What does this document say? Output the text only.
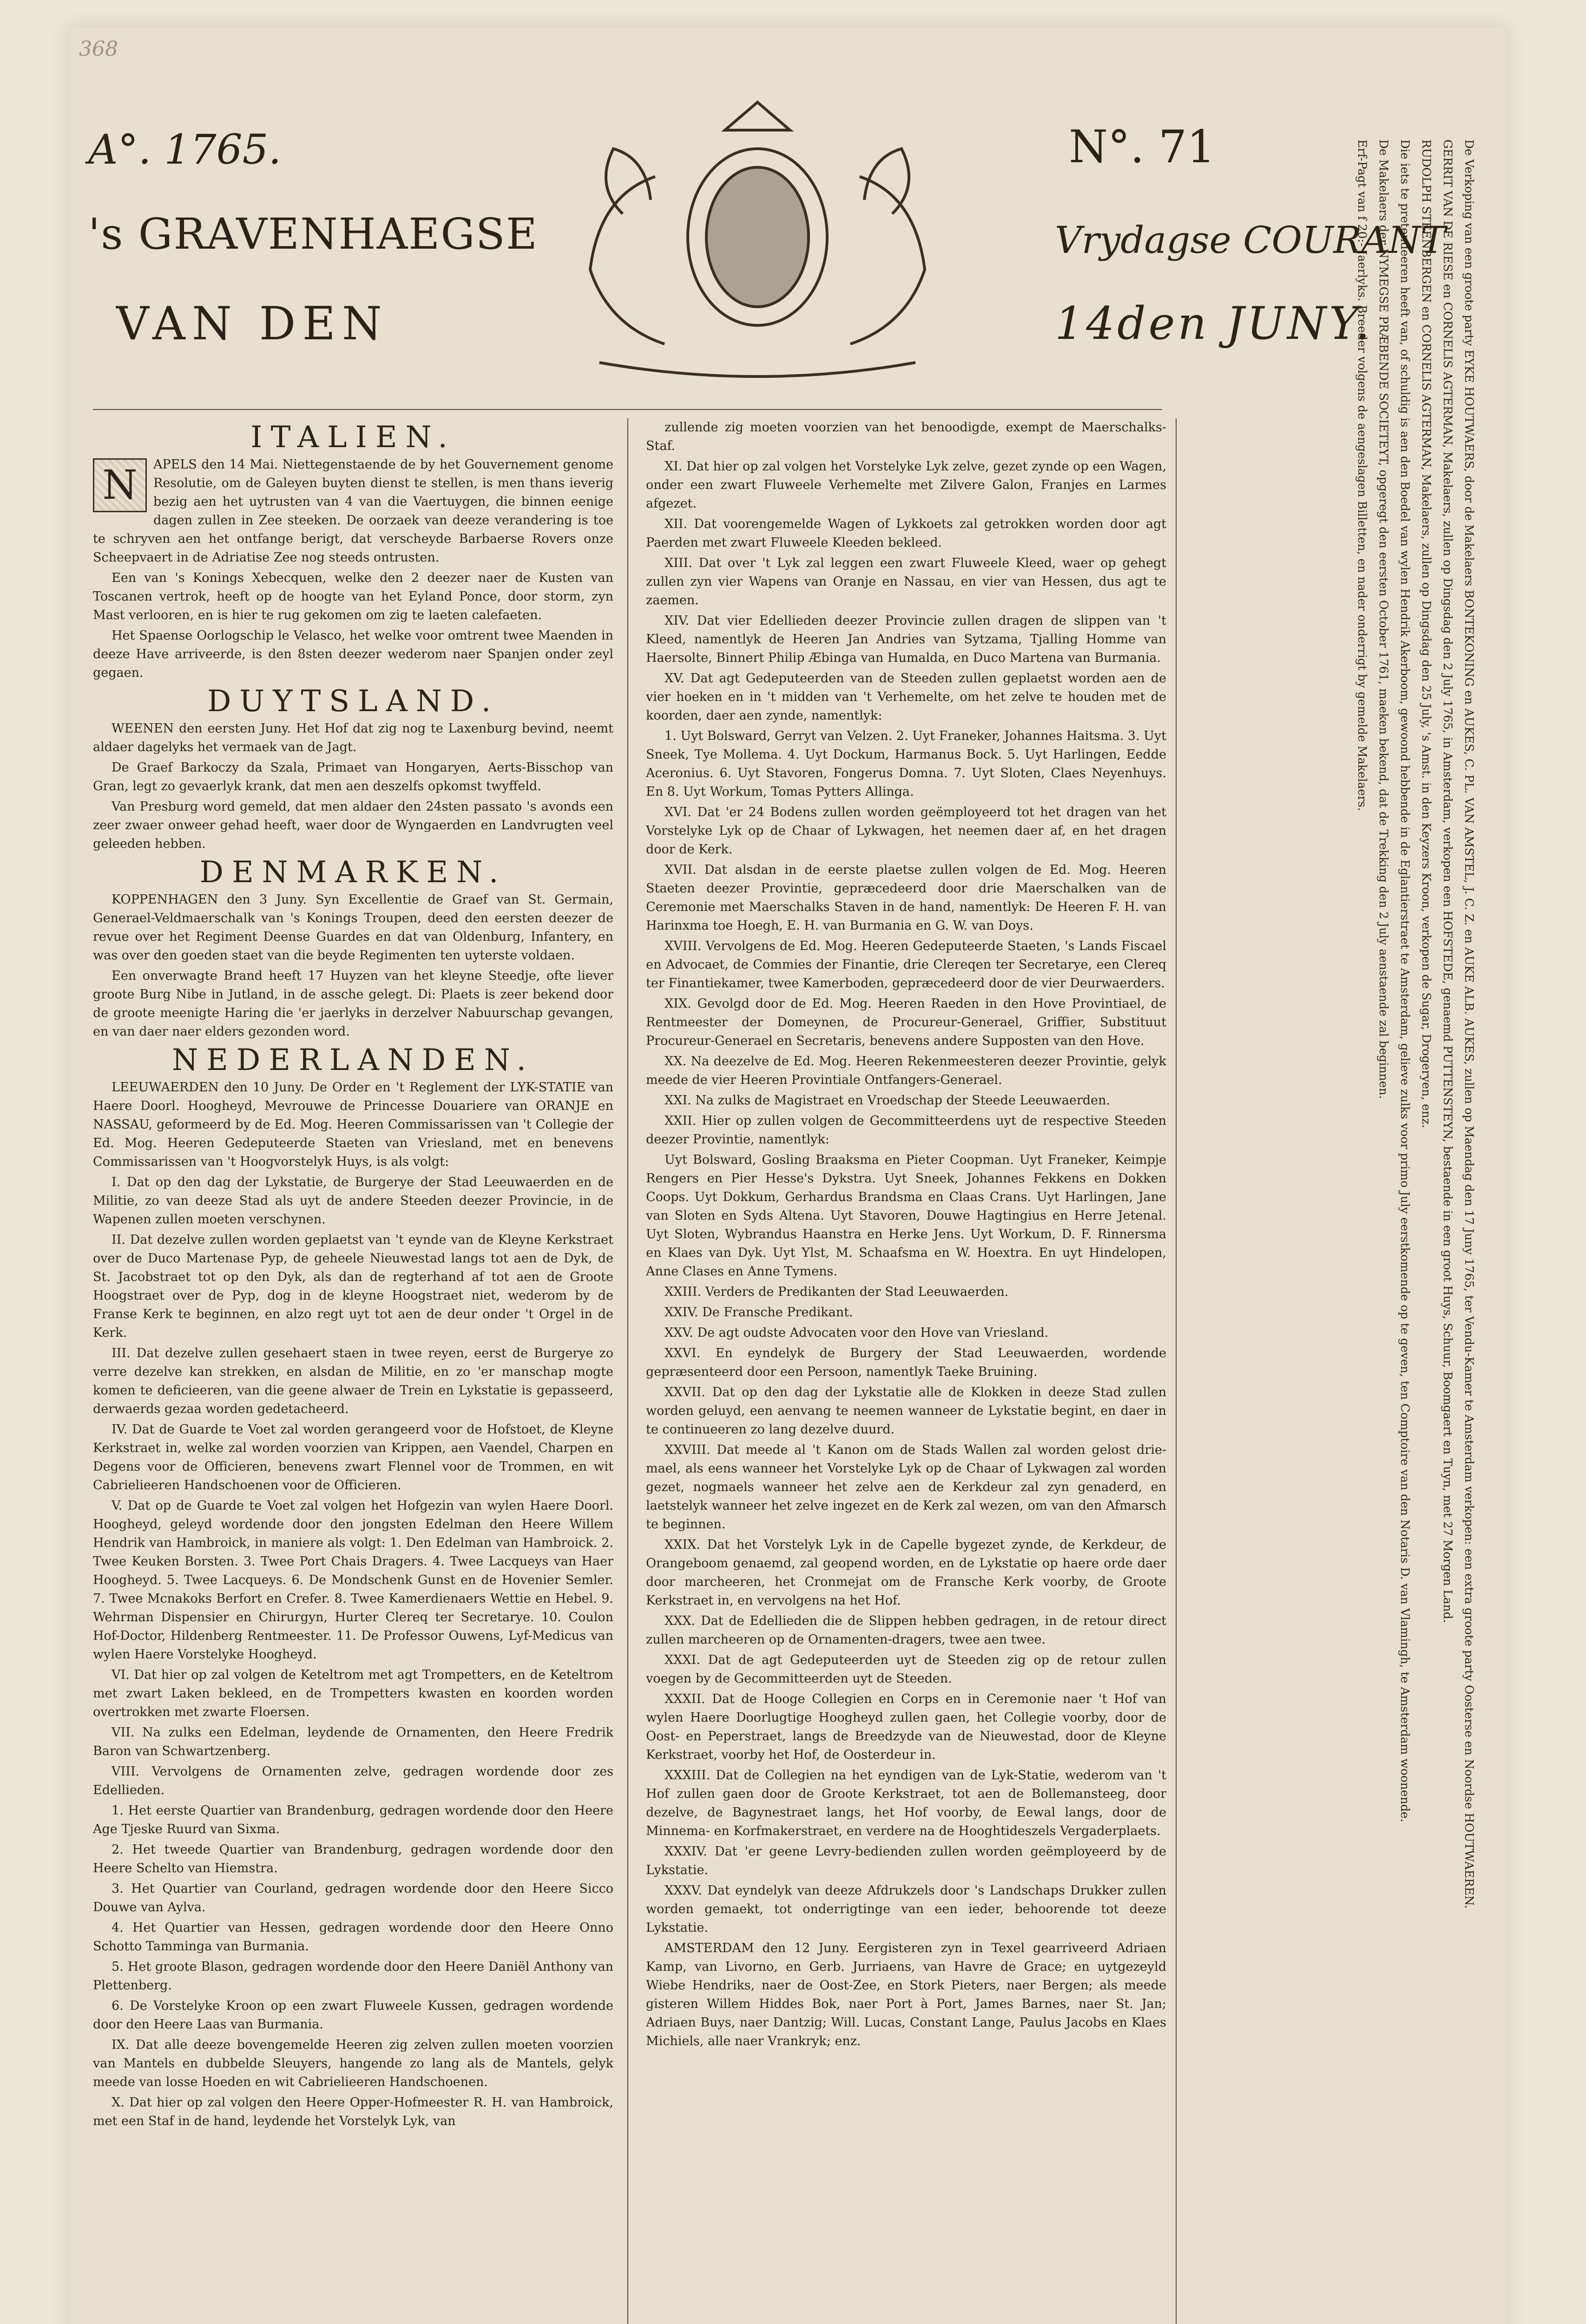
368
A°. 1765.	N°. 71
's GRAVENHAEGSE	Vrydagse COURANT
VAN DEN	14den JUNY.
ITALIEN.

N	APELS den 14 Mai. Niettegenstaende de by het Gouvernement genome Resolutie, om de Galeyen buyten dienst te stellen, is men thans ieverig bezig aen het uytrusten van 4 van die Vaertuygen, die binnen eenige dagen zullen in Zee steeken. De oorzaek van deeze verandering is toe te schryven aen het ontfange berigt, dat verscheyde Barbaerse Rovers onze Scheepvaert in de Adriatise Zee nog steeds ontrusten.

Een van 's Konings Xebecquen, welke den 2 deezer naer de Kusten van Toscanen vertrok, heeft op de hoogte van het Eyland Ponce, door storm, zyn Mast verlooren, en is hier te rug gekomen om zig te laeten calefaeten.

Het Spaense Oorlogschip le Velasco, het welke voor omtrent twee Maenden in deeze Have arriveerde, is den 8sten deezer wederom naer Spanjen onder zeyl gegaen.

DUYTSLAND.

WEENEN den eersten Juny. Het Hof dat zig nog te Laxenburg bevind, neemt aldaer dagelyks het vermaek van de Jagt.

De Graef Barkoczy da Szala, Primaet van Hongaryen, Aerts-Bisschop van Gran, legt zo gevaerlyk krank, dat men aen deszelfs opkomst twyffeld.

Van Presburg word gemeld, dat men aldaer den 24sten passato 's avonds een zeer zwaer onweer gehad heeft, waer door de Wyngaerden en Landvrugten veel geleeden hebben.

DENMARKEN.

KOPPENHAGEN den 3 Juny. Syn Excellentie de Graef van St. Germain, Generael-Veldmaerschalk van 's Konings Troupen, deed den eersten deezer de revue over het Regiment Deense Guardes en dat van Oldenburg, Infantery, en was over den goeden staet van die beyde Regimenten ten uyterste voldaen.

Een onverwagte Brand heeft 17 Huyzen van het kleyne Steedje, ofte liever groote Burg Nibe in Jutland, in de assche gelegt. Di: Plaets is zeer bekend door de groote meenigte Haring die 'er jaerlyks in derzelver Nabuurschap gevangen, en van daer naer elders gezonden word.

NEDERLANDEN.

LEEUWAERDEN den 10 Juny. De Order en 't Reglement der LYK-STATIE van Haere Doorl. Hoogheyd, Mevrouwe de Princesse Douariere van ORANJE en NASSAU, geformeerd by de Ed. Mog. Heeren Commissarissen van 't Collegie der Ed. Mog. Heeren Gedeputeerde Staeten van Vriesland, met en benevens Commissarissen van 't Hoogvorstelyk Huys, is als volgt:

I. Dat op den dag der Lykstatie, de Burgerye der Stad Leeuwaerden en de Militie, zo van deeze Stad als uyt de andere Steeden deezer Provincie, in de Wapenen zullen moeten verschynen.

II. Dat dezelve zullen worden geplaetst van 't eynde van de Kleyne Kerkstraet over de Duco Martenase Pyp, de geheele Nieuwestad langs tot aen de Dyk, de St. Jacobstraet tot op den Dyk, als dan de regterhand af tot aen de Groote Hoogstraet over de Pyp, dog in de kleyne Hoogstraet niet, wederom by de Franse Kerk te beginnen, en alzo regt uyt tot aen de deur onder 't Orgel in de Kerk.

III. Dat dezelve zullen gesehaert staen in twee reyen, eerst de Burgerye zo verre dezelve kan strekken, en alsdan de Militie, en zo 'er manschap mogte komen te deficieeren, van die geene alwaer de Trein en Lykstatie is gepasseerd, derwaerds gezaa worden gedetacheerd.

IV. Dat de Guarde te Voet zal worden gerangeerd voor de Hofstoet, de Kleyne Kerkstraet in, welke zal worden voorzien van Krippen, aen Vaendel, Charpen en Degens voor de Officieren, benevens zwart Flennel voor de Trommen, en wit Cabrielieeren Handschoenen voor de Officieren.

V. Dat op de Guarde te Voet zal volgen het Hofgezin van wylen Haere Doorl. Hoogheyd, geleyd wordende door den jongsten Edelman den Heere Willem Hendrik van Hambroick, in maniere als volgt: 1. Den Edelman van Hambroick. 2. Twee Keuken Borsten. 3. Twee Port Chais Dragers. 4. Twee Lacqueys van Haer Hoogheyd. 5. Twee Lacqueys. 6. De Mondschenk Gunst en de Hovenier Semler. 7. Twee Mcnakoks Berfort en Crefer. 8. Twee Kamerdienaers Wettie en Hebel. 9. Wehrman Dispensier en Chirurgyn, Hurter Clereq ter Secretarye. 10. Coulon Hof-Doctor, Hildenberg Rentmeester. 11. De Professor Ouwens, Lyf-Medicus van wylen Haere Vorstelyke Hoogheyd.

VI. Dat hier op zal volgen de Keteltrom met agt Trompetters, en de Keteltrom met zwart Laken bekleed, en de Trompetters kwasten en koorden worden overtrokken met zwarte Floersen.

VII. Na zulks een Edelman, leydende de Ornamenten, den Heere Fredrik Baron van Schwartzenberg.

VIII. Vervolgens de Ornamenten zelve, gedragen wordende door zes Edellieden.

1. Het eerste Quartier van Brandenburg, gedragen wordende door den Heere Age Tjeske Ruurd van Sixma.

2. Het tweede Quartier van Brandenburg, gedragen wordende door den Heere Schelto van Hiemstra.

3. Het Quartier van Courland, gedragen wordende door den Heere Sicco Douwe van Aylva.

4. Het Quartier van Hessen, gedragen wordende door den Heere Onno Schotto Tamminga van Burmania.

5. Het groote Blason, gedragen wordende door den Heere Daniël Anthony van Plettenberg.

6. De Vorstelyke Kroon op een zwart Fluweele Kussen, gedragen wordende door den Heere Laas van Burmania.

IX. Dat alle deeze bovengemelde Heeren zig zelven zullen moeten voorzien van Mantels en dubbelde Sleuyers, hangende zo lang als de Mantels, gelyk meede van losse Hoeden en wit Cabrielieeren Handschoenen.

X. Dat hier op zal volgen den Heere Opper-Hofmeester R. H. van Hambroick, met een Staf in de hand, leydende het Vorstelyk Lyk, van

zullende zig moeten voorzien van het benoodigde, exempt de Maerschalks-Staf.

XI. Dat hier op zal volgen het Vorstelyke Lyk zelve, gezet zynde op een Wagen, onder een zwart Fluweele Verhemelte met Zilvere Galon, Franjes en Larmes afgezet.

XII. Dat voorengemelde Wagen of Lykkoets zal getrokken worden door agt Paerden met zwart Fluweele Kleeden bekleed.

XIII. Dat over 't Lyk zal leggen een zwart Fluweele Kleed, waer op gehegt zullen zyn vier Wapens van Oranje en Nassau, en vier van Hessen, dus agt te zaemen.

XIV. Dat vier Edellieden deezer Provincie zullen dragen de slippen van 't Kleed, namentlyk de Heeren Jan Andries van Sytzama, Tjalling Homme van Haersolte, Binnert Philip Æbinga van Humalda, en Duco Martena van Burmania.

XV. Dat agt Gedeputeerden van de Steeden zullen geplaetst worden aen de vier hoeken en in 't midden van 't Verhemelte, om het zelve te houden met de koorden, daer aen zynde, namentlyk:

1. Uyt Bolsward, Gerryt van Velzen. 2. Uyt Franeker, Johannes Haitsma. 3. Uyt Sneek, Tye Mollema. 4. Uyt Dockum, Harmanus Bock. 5. Uyt Harlingen, Eedde Aceronius. 6. Uyt Stavoren, Fongerus Domna. 7. Uyt Sloten, Claes Neyenhuys. En 8. Uyt Workum, Tomas Pytters Allinga.

XVI. Dat 'er 24 Bodens zullen worden geëmployeerd tot het dragen van het Vorstelyke Lyk op de Chaar of Lykwagen, het neemen daer af, en het dragen door de Kerk.

XVII. Dat alsdan in de eerste plaetse zullen volgen de Ed. Mog. Heeren Staeten deezer Provintie, gepræcedeerd door drie Maerschalken van de Ceremonie met Maerschalks Staven in de hand, namentlyk: De Heeren F. H. van Harinxma toe Hoegh, E. H. van Burmania en G. W. van Doys.

XVIII. Vervolgens de Ed. Mog. Heeren Gedeputeerde Staeten, 's Lands Fiscael en Advocaet, de Commies der Finantie, drie Clereqen ter Secretarye, een Clereq ter Finantiekamer, twee Kamerboden, gepræcedeerd door de vier Deurwaerders.

XIX. Gevolgd door de Ed. Mog. Heeren Raeden in den Hove Provintiael, de Rentmeester der Domeynen, de Procureur-Generael, Griffier, Substituut Procureur-Generael en Secretaris, benevens andere Supposten van den Hove.

XX. Na deezelve de Ed. Mog. Heeren Rekenmeesteren deezer Provintie, gelyk meede de vier Heeren Provintiale Ontfangers-Generael.

XXI. Na zulks de Magistraet en Vroedschap der Steede Leeuwaerden.

XXII. Hier op zullen volgen de Gecommitteerdens uyt de respective Steeden deezer Provintie, namentlyk:

Uyt Bolsward, Gosling Braaksma en Pieter Coopman. Uyt Franeker, Keimpje Rengers en Pier Hesse's Dykstra. Uyt Sneek, Johannes Fekkens en Dokken Coops. Uyt Dokkum, Gerhardus Brandsma en Claas Crans. Uyt Harlingen, Jane van Sloten en Syds Altena. Uyt Stavoren, Douwe Hagtingius en Herre Jetenal. Uyt Sloten, Wybrandus Haanstra en Herke Jens. Uyt Workum, D. F. Rinnersma en Klaes van Dyk. Uyt Ylst, M. Schaafsma en W. Hoextra. En uyt Hindelopen, Anne Clases en Anne Tymens.

XXIII. Verders de Predikanten der Stad Leeuwaerden.

XXIV. De Fransche Predikant.

XXV. De agt oudste Advocaten voor den Hove van Vriesland.

XXVI. En eyndelyk de Burgery der Stad Leeuwaerden, wordende gepræsenteerd door een Persoon, namentlyk Taeke Bruining.

XXVII. Dat op den dag der Lykstatie alle de Klokken in deeze Stad zullen worden geluyd, een aenvang te neemen wanneer de Lykstatie begint, en daer in te continueeren zo lang dezelve duurd.

XXVIII. Dat meede al 't Kanon om de Stads Wallen zal worden gelost drie-mael, als eens wanneer het Vorstelyke Lyk op de Chaar of Lykwagen zal worden gezet, nogmaels wanneer het zelve aen de Kerkdeur zal zyn genaderd, en laetstelyk wanneer het zelve ingezet en de Kerk zal wezen, om van den Afmarsch te beginnen.

XXIX. Dat het Vorstelyk Lyk in de Capelle bygezet zynde, de Kerkdeur, de Orangeboom genaemd, zal geopend worden, en de Lykstatie op haere orde daer door marcheeren, het Cronmejat om de Fransche Kerk voorby, de Groote Kerkstraet in, en vervolgens na het Hof.

XXX. Dat de Edellieden die de Slippen hebben gedragen, in de retour direct zullen marcheeren op de Ornamenten-dragers, twee aen twee.

XXXI. Dat de agt Gedeputeerden uyt de Steeden zig op de retour zullen voegen by de Gecommitteerden uyt de Steeden.

XXXII. Dat de Hooge Collegien en Corps en in Ceremonie naer 't Hof van wylen Haere Doorlugtige Hoogheyd zullen gaen, het Collegie voorby, door de Oost- en Peperstraet, langs de Breedzyde van de Nieuwestad, door de Kleyne Kerkstraet, voorby het Hof, de Oosterdeur in.

XXXIII. Dat de Collegien na het eyndigen van de Lyk-Statie, wederom van 't Hof zullen gaen door de Groote Kerkstraet, tot aen de Bollemansteeg, door dezelve, de Bagynestraet langs, het Hof voorby, de Eewal langs, door de Minnema- en Korfmakerstraet, en verdere na de Hooghtideszels Vergaderplaets.

XXXIV. Dat 'er geene Levry-bedienden zullen worden geëmployeerd by de Lykstatie.

XXXV. Dat eyndelyk van deeze Afdrukzels door 's Landschaps Drukker zullen worden gemaekt, tot onderrigtinge van een ieder, behoorende tot deeze Lykstatie.

AMSTERDAM den 12 Juny. Eergisteren zyn in Texel gearriveerd Adriaen Kamp, van Livorno, en Gerb. Jurriaens, van Havre de Grace; en uytgezeyld Wiebe Hendriks, naer de Oost-Zee, en Stork Pieters, naer Bergen; als meede gisteren Willem Hiddes Bok, naer Port à Port, James Barnes, naer St. Jan; Adriaen Buys, naer Dantzig; Will. Lucas, Constant Lange, Paulus Jacobs en Klaes Michiels, alle naer Vrankryk; enz.

De Verkoping van een groote party EYKE HOUTWAERS, door de Makelaers BONTEKONING en AUKES, C. PL. VAN AMSTEL, J. C. Z. en AUKE ALB. AUKES, zullen op Maendag den 17 Juny 1765, ter Vendu-Kamer te Amsterdam verkopen: een extra groote party Oosterse en Noordse HOUTWAEREN.

GERRIT VAN DE RIESE en CORNELIS AGTERMAN, Makelaers, zullen op Dingsdag den 2 July 1765, in Amsterdam, verkopen een HOFSTEDE, genaemd PUTTENSTEYN, bestaende in een groot Huys, Schuur, Boomgaert en Tuyn, met 27 Morgen Land.

RUDOLPH STEENBERGEN en CORNELIS AGTERMAN, Makelaers, zullen op Dingsdag den 25 July, 's Amst. in den Keyzers Kroon, verkopen de Sugar, Drogeryen, enz.

Die iets te pretendeeren heeft van, of schuldig is aen den Boedel van wylen Hendrik Akerboom, gewoond hebbende in de Eglantierstraet te Amsterdam, gelieve zulks voor primo July eerstkomende op te geven, ten Comptoire van den Notaris D. van Vlamingh, te Amsterdam woonende.

De Makelaers der NYMEGSE PRÆBENDE SOCIETEYT, opgeregt den eersten October 1761, maeken bekend, dat de Trekking den 2 July aenstaende zal beginnen.

Erf-Pagt van f 20:- Jaerlyks. Breeder volgens de aengeslagen Billetten, en nader onderrigt by gemelde Makelaers.
